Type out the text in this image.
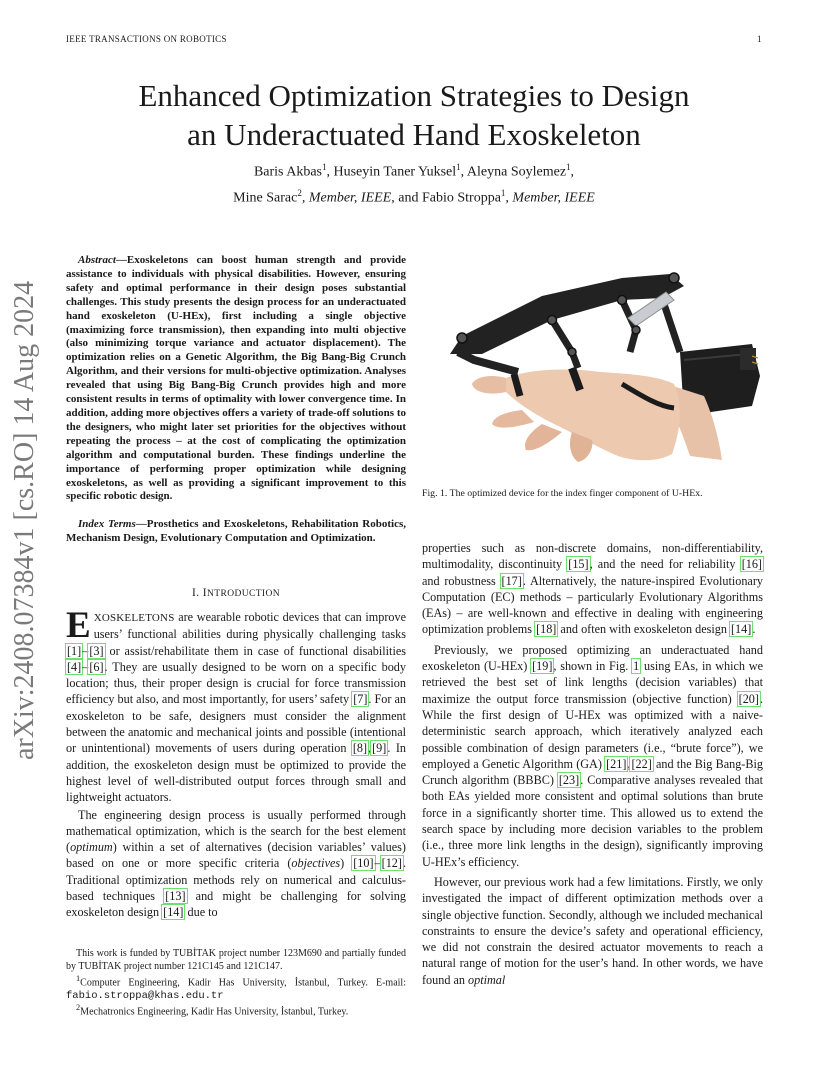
IEEE TRANSACTIONS ON ROBOTICS	1
arXiv:2408.07384v1 [cs.RO] 14 Aug 2024
Enhanced Optimization Strategies to Design
an Underactuated Hand Exoskeleton
Baris Akbas$^1$, Huseyin Taner Yuksel$^1$, Aleyna Soylemez$^1$,
Mine Sarac$^2$, Member, IEEE, and Fabio Stroppa$^1$, Member, IEEE
Abstract—Exoskeletons can boost human strength and provide assistance to individuals with physical disabilities. However, ensuring safety and optimal performance in their design poses substantial challenges. This study presents the design process for an underactuated hand exoskeleton (U-HEx), first including a single objective (maximizing force transmission), then expanding into multi objective (also minimizing torque variance and actuator displacement). The optimization relies on a Genetic Algorithm, the Big Bang-Big Crunch Algorithm, and their versions for multi-objective optimization. Analyses revealed that using Big Bang-Big Crunch provides high and more consistent results in terms of optimality with lower convergence time. In addition, adding more objectives offers a variety of trade-off solutions to the designers, who might later set priorities for the objectives without repeating the process – at the cost of complicating the optimization algorithm and computational burden. These findings underline the importance of performing proper optimization while designing exoskeletons, as well as providing a significant improvement to this specific robotic design.
Index Terms—Prosthetics and Exoskeletons, Rehabilitation Robotics, Mechanism Design, Evolutionary Computation and Optimization.
I. INTRODUCTION

EXOSKELETONS are wearable robotic devices that can improve users’ functional abilities during physically challenging tasks [1]–[3] or assist/rehabilitate them in case of functional disabilities [4]–[6]. They are usually designed to be worn on a specific body location; thus, their proper design is crucial for force transmission efficiency but also, and most importantly, for users’ safety [7]. For an exoskeleton to be safe, designers must consider the alignment between the anatomic and mechanical joints and possible (intentional or unintentional) movements of users during operation [8],[9]. In addition, the exoskeleton design must be optimized to provide the highest level of well-distributed output forces through small and lightweight actuators.

The engineering design process is usually performed through mathematical optimization, which is the search for the best element (optimum) within a set of alternatives (decision variables’ values) based on one or more specific criteria (objectives) [10]–[12]. Traditional optimization methods rely on numerical and calculus-based techniques [13] and might be challenging for solving exoskeleton design [14] due to

This work is funded by TUBİTAK project number 123M690 and partially funded by TUBİTAK project number 121C145 and 121C147.

$^1$Computer Engineering, Kadir Has University, İstanbul, Turkey. E-mail: fabio.stroppa@khas.edu.tr

$^2$Mechatronics Engineering, Kadir Has University, İstanbul, Turkey.

Fig. 1. The optimized device for the index finger component of U-HEx.

properties such as non-discrete domains, non-differentiability, multimodality, discontinuity [15], and the need for reliability [16] and robustness [17]. Alternatively, the nature-inspired Evolutionary Computation (EC) methods – particularly Evolutionary Algorithms (EAs) – are well-known and effective in dealing with engineering optimization problems [18] and often with exoskeleton design [14].

Previously, we proposed optimizing an underactuated hand exoskeleton (U-HEx) [19], shown in Fig. 1 using EAs, in which we retrieved the best set of link lengths (decision variables) that maximize the output force transmission (objective function) [20]. While the first design of U-HEx was optimized with a naive-deterministic search approach, which iteratively analyzed each possible combination of design parameters (i.e., “brute force”), we employed a Genetic Algorithm (GA) [21],[22] and the Big Bang-Big Crunch algorithm (BBBC) [23]. Comparative analyses revealed that both EAs yielded more consistent and optimal solutions than brute force in a significantly shorter time. This allowed us to extend the search space by including more decision variables to the problem (i.e., three more link lengths in the design), significantly improving U-HEx’s efficiency.

However, our previous work had a few limitations. Firstly, we only investigated the impact of different optimization methods over a single objective function. Secondly, although we included mechanical constraints to ensure the device’s safety and operational efficiency, we did not constrain the desired actuator movements to reach a natural range of motion for the user’s hand. In other words, we have found an optimal
